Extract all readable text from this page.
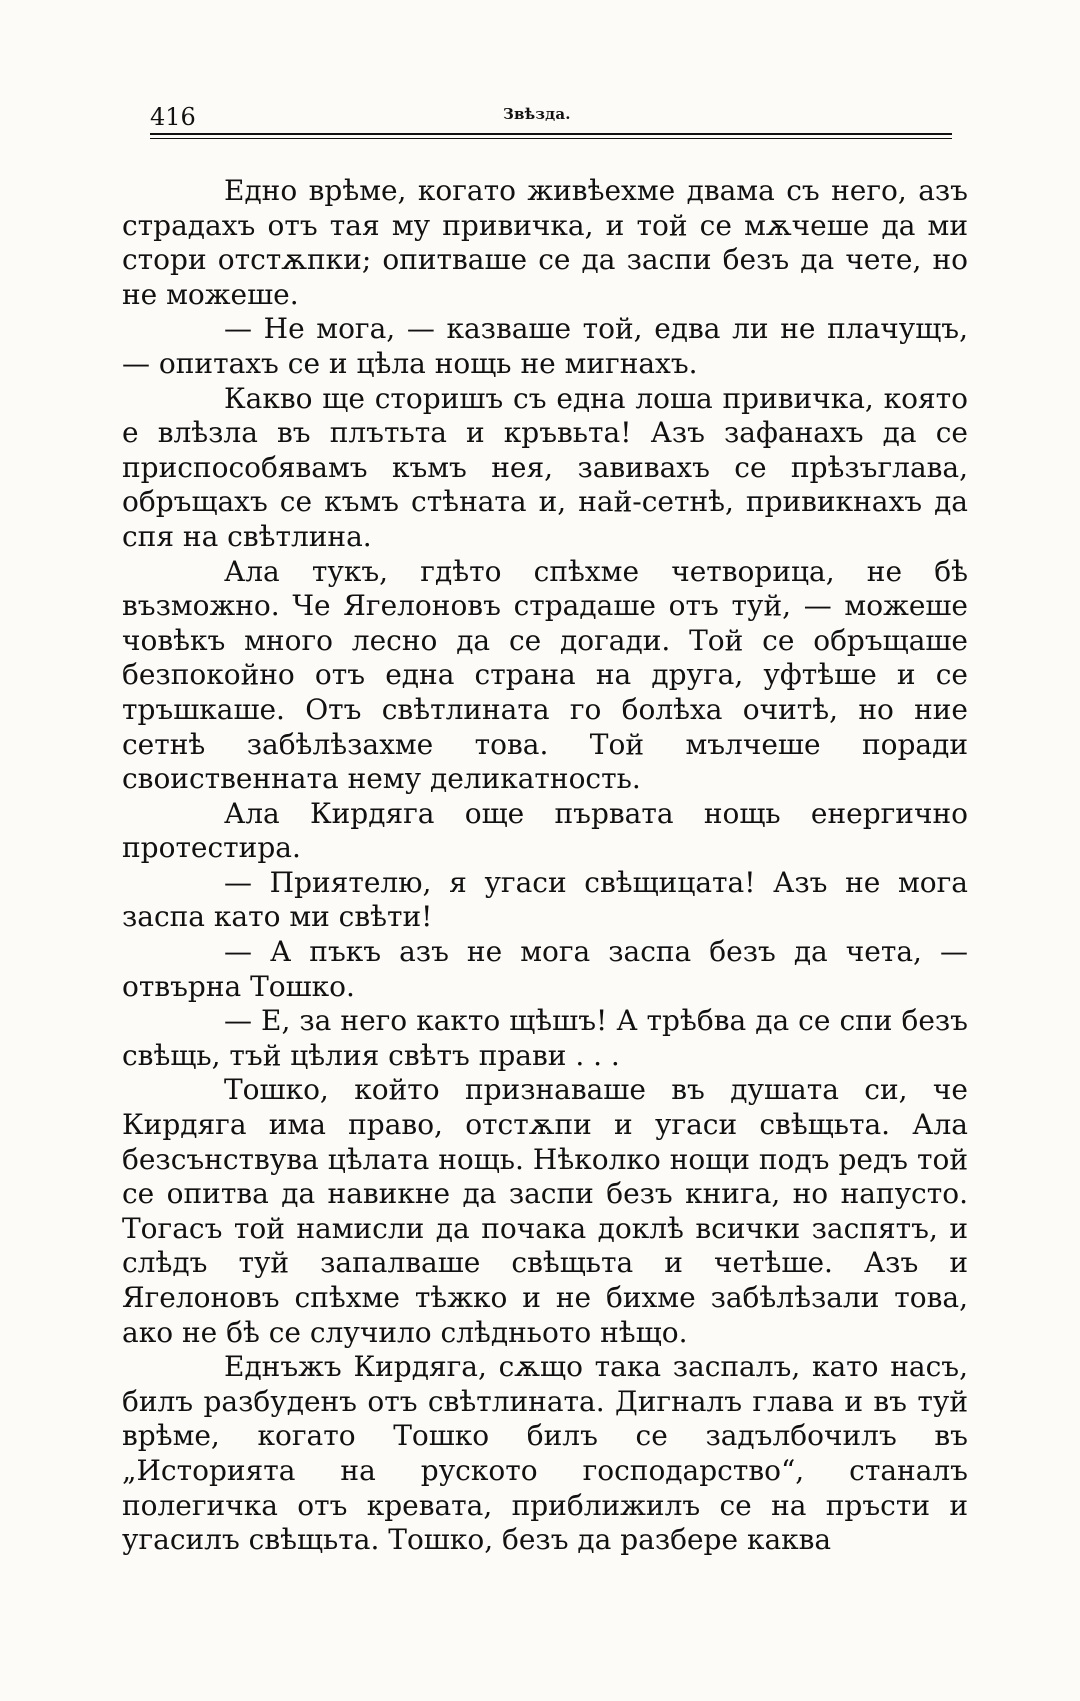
416	Звѣзда.

Едно врѣме, когато живѣехме двама съ него, азъ страдахъ отъ тая му привичка, и той се мѫчеше да ми стори отстѫпки; опитваше се да заспи безъ да чете, но не можеше.

— Не мога, — казваше той, едва ли не плачущъ, — опитахъ се и цѣла нощь не мигнахъ.

Какво ще сторишъ съ една лоша привичка, която е влѣзла въ плътьта и кръвьта! Азъ зафанахъ да се приспособявамъ къмъ нея, завивахъ се прѣзъглава, обръщахъ се къмъ стѣната и, най-сетнѣ, привикнахъ да спя на свѣтлина.

Ала тукъ, гдѣто спѣхме четворица, не бѣ възможно. Че Ягелоновъ страдаше отъ туй, — можеше човѣкъ много лесно да се догади. Той се обръщаше безпокойно отъ една страна на друга, уфтѣше и се тръшкаше. Отъ свѣтлината го болѣха очитѣ, но ние сетнѣ забѣлѣзахме това. Той мълчеше поради своиственната нему деликатность.

Ала Кирдяга още първата нощь енергично протестира.

— Приятелю, я угаси свѣщицата! Азъ не мога заспа като ми свѣти!

— А пъкъ азъ не мога заспа безъ да чета, — отвърна Тошко.

— Е, за него както щѣшъ! А трѣбва да се спи безъ свѣщь, тъй цѣлия свѣтъ прави . . .

Тошко, който признаваше въ душата си, че Кирдяга има право, отстѫпи и угаси свѣщьта. Ала безсънствува цѣлата нощь. Нѣколко нощи подъ редъ той се опитва да навикне да заспи безъ книга, но напусто. Тогасъ той намисли да почака доклѣ всички заспятъ, и слѣдъ туй запалваше свѣщьта и четѣше. Азъ и Ягелоновъ спѣхме тѣжко и не бихме забѣлѣзали това, ако не бѣ се случило слѣдньото нѣщо.

Еднъжъ Кирдяга, сѫщо така заспалъ, като насъ, билъ разбуденъ отъ свѣтлината. Дигналъ глава и въ туй врѣме, когато Тошко билъ се задълбочилъ въ „Историята на руското господарство“, станалъ полегичка отъ кревата, приближилъ се на пръсти и угасилъ свѣщьта. Тошко, безъ да разбере каква
